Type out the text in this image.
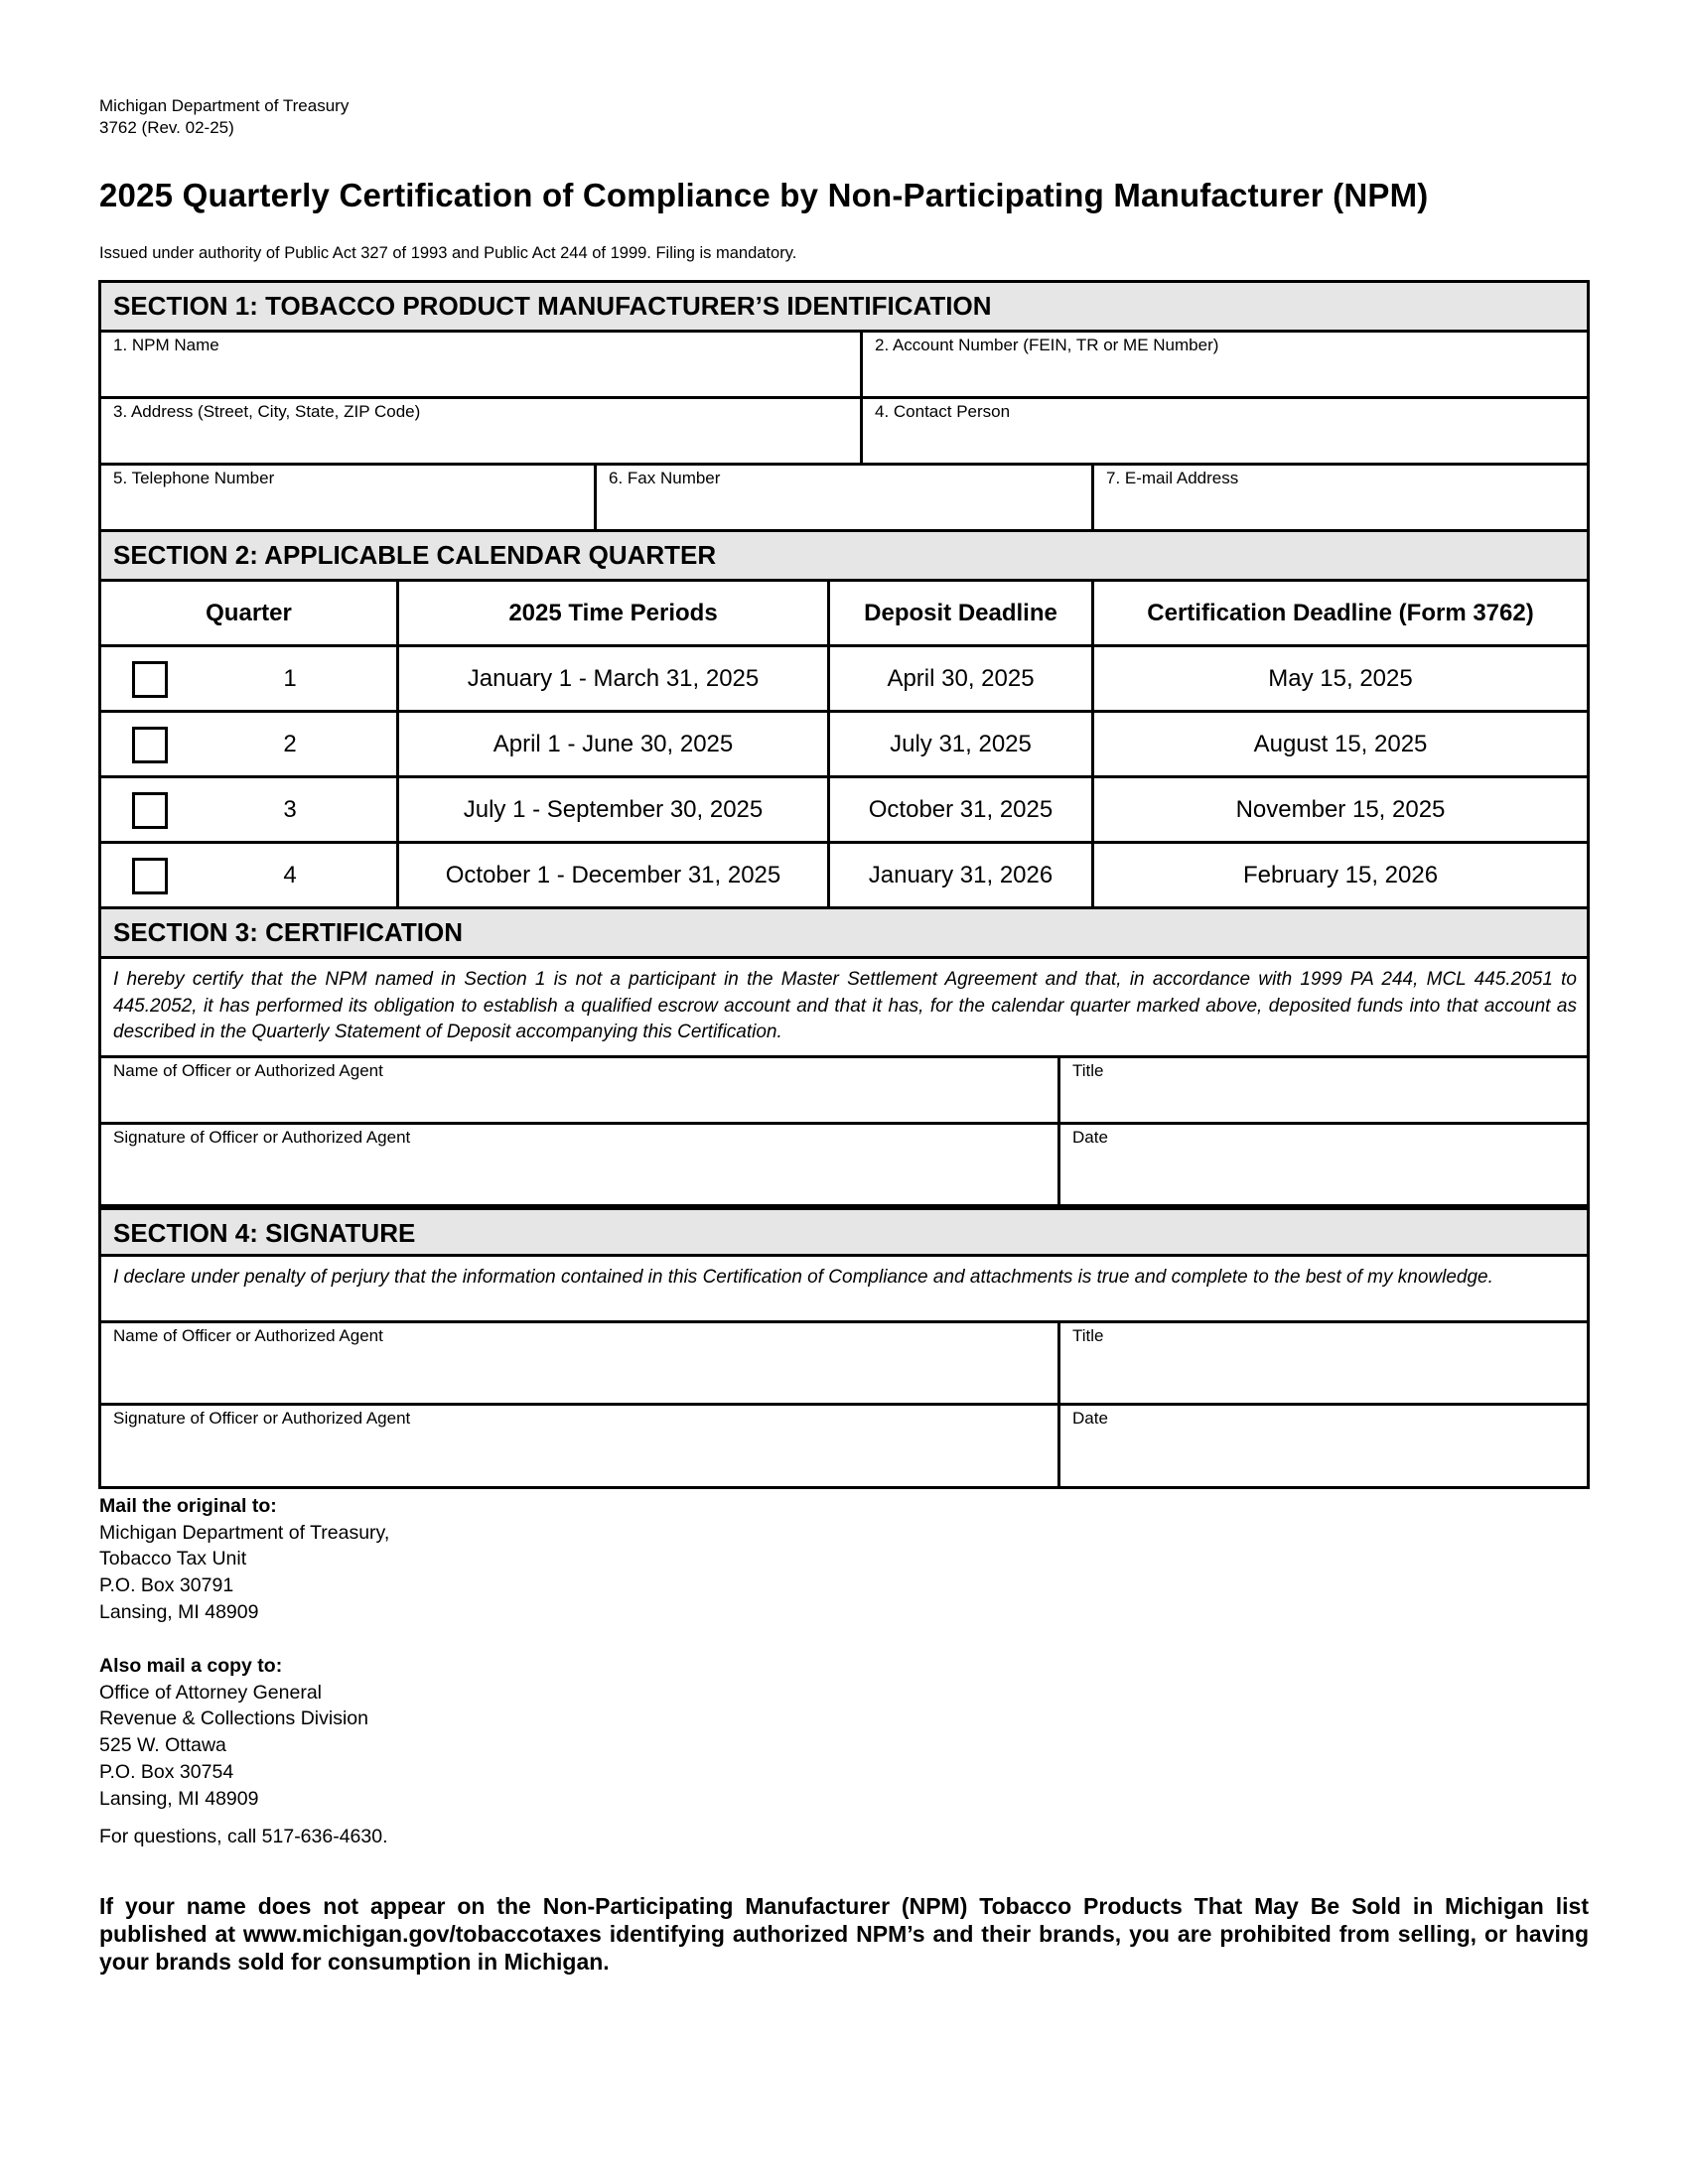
Michigan Department of Treasury
3762 (Rev. 02-25)
2025 Quarterly Certification of Compliance by Non-Participating Manufacturer (NPM)
Issued under authority of Public Act 327 of 1993 and Public Act 244 of 1999. Filing is mandatory.
SECTION 1: TOBACCO PRODUCT MANUFACTURER’S IDENTIFICATION
1. NPM Name	2. Account Number (FEIN, TR or ME Number)
3. Address (Street, City, State, ZIP Code)	4. Contact Person
5. Telephone Number	6. Fax Number	7. E-mail Address
SECTION 2: APPLICABLE CALENDAR QUARTER
Quarter	2025 Time Periods	Deposit Deadline	Certification Deadline (Form 3762)
1	January 1 - March 31, 2025	April 30, 2025	May 15, 2025
2	April 1 - June 30, 2025	July 31, 2025	August 15, 2025
3	July 1 - September 30, 2025	October 31, 2025	November 15, 2025
4	October 1 - December 31, 2025	January 31, 2026	February 15, 2026
SECTION 3: CERTIFICATION
I hereby certify that the NPM named in Section 1 is not a participant in the Master Settlement Agreement and that, in accordance with 1999 PA 244, MCL 445.2051 to 445.2052, it has performed its obligation to establish a qualified escrow account and that it has, for the calendar quarter marked above, deposited funds into that account as described in the Quarterly Statement of Deposit accompanying this Certification.
Name of Officer or Authorized Agent	Title
Signature of Officer or Authorized Agent	Date
SECTION 4: SIGNATURE
I declare under penalty of perjury that the information contained in this Certification of Compliance and attachments is true and complete to the best of my knowledge.
Name of Officer or Authorized Agent	Title
Signature of Officer or Authorized Agent	Date
Mail the original to:
Michigan Department of Treasury,
Tobacco Tax Unit
P.O. Box 30791
Lansing, MI 48909
Also mail a copy to:
Office of Attorney General
Revenue & Collections Division
525 W. Ottawa
P.O. Box 30754
Lansing, MI 48909
For questions, call 517-636-4630.
If your name does not appear on the Non-Participating Manufacturer (NPM) Tobacco Products That May Be Sold in Michigan list published at www.michigan.gov/tobaccotaxes identifying authorized NPM’s and their brands, you are prohibited from selling, or having your brands sold for consumption in Michigan.
